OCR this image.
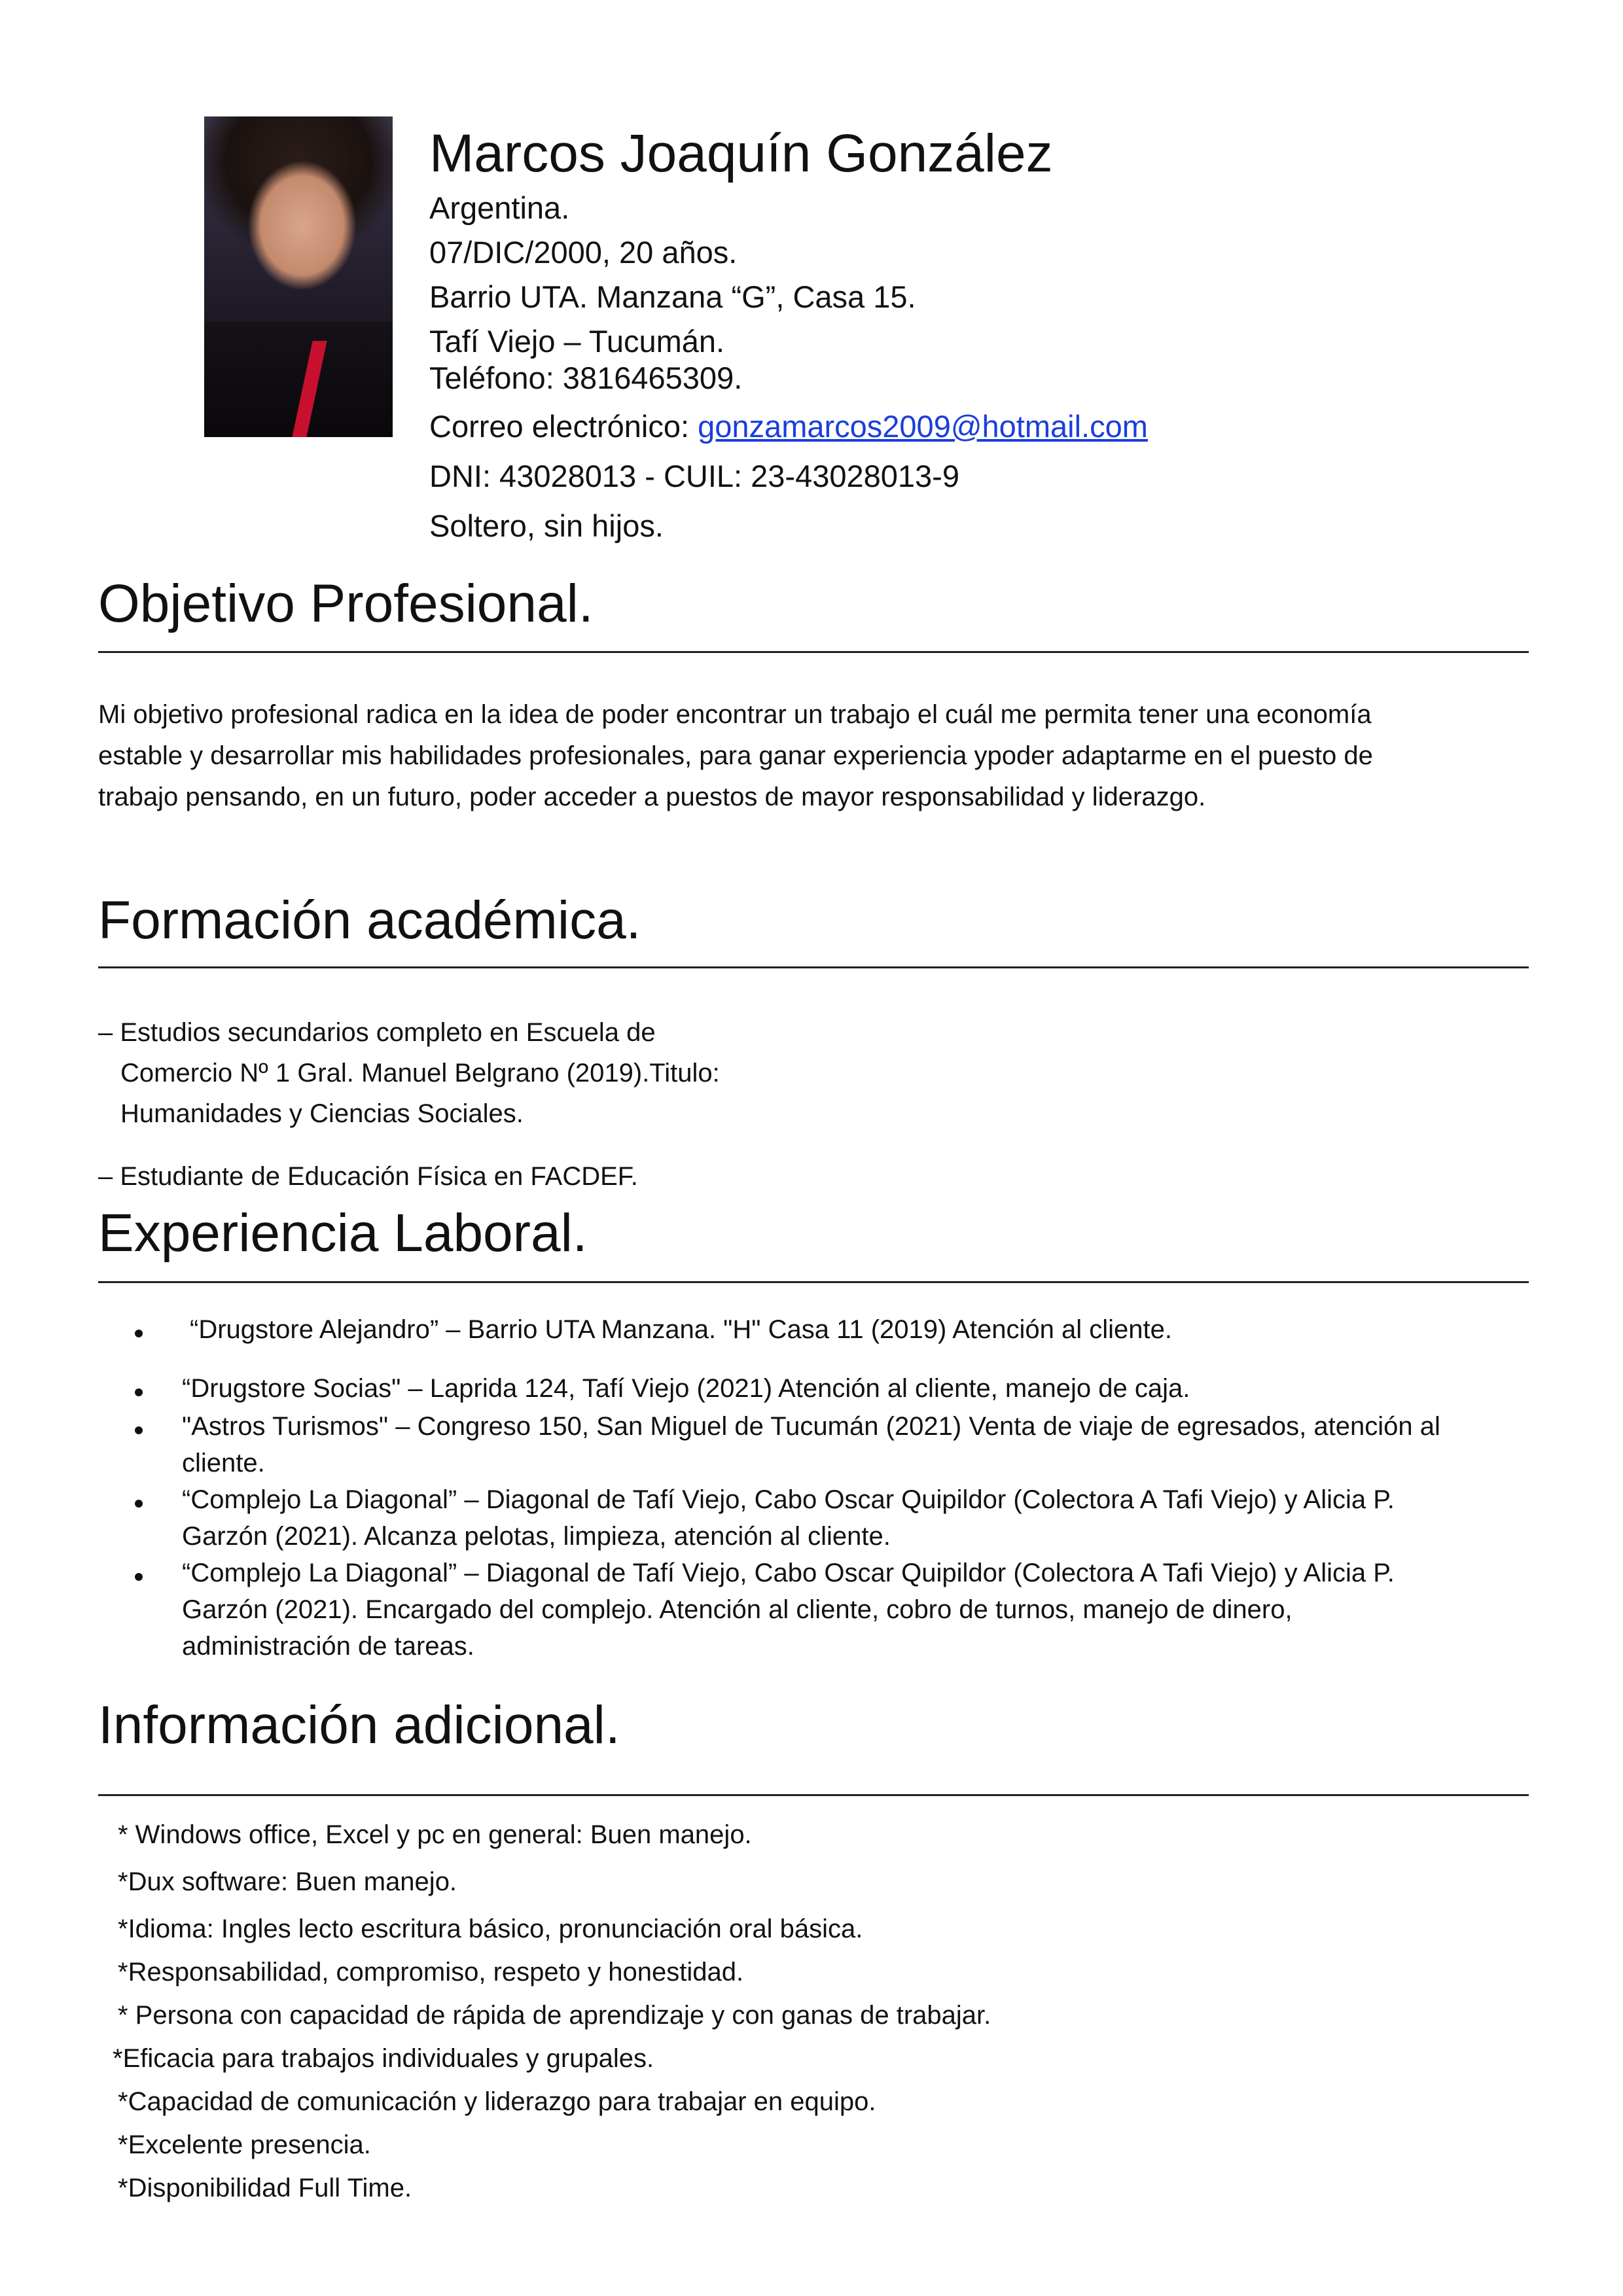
Marcos Joaquín González
Argentina.
07/DIC/2000, 20 años.
Barrio UTA. Manzana “G”, Casa 15.
Tafí Viejo – Tucumán.
Teléfono: 3816465309.
Correo electrónico: gonzamarcos2009@hotmail.com
DNI: 43028013 - CUIL: 23-43028013-9
Soltero, sin hijos.
Objetivo Profesional.
Mi objetivo profesional radica en la idea de poder encontrar un trabajo el cuál me permita tener una economía
estable y desarrollar mis habilidades profesionales, para ganar experiencia ypoder adaptarme en el puesto de
trabajo pensando, en un futuro, poder acceder a puestos de mayor responsabilidad y liderazgo.
Formación académica.
– Estudios secundarios completo en Escuela de
Comercio Nº 1 Gral. Manuel Belgrano (2019).Titulo:
Humanidades y Ciencias Sociales.
– Estudiante de Educación Física en FACDEF.
Experiencia Laboral.
“Drugstore Alejandro” – Barrio UTA Manzana. "H" Casa 11 (2019) Atención al cliente.
“Drugstore Socias" – Laprida 124, Tafí Viejo (2021) Atención al cliente, manejo de caja.
"Astros Turismos" – Congreso 150, San Miguel de Tucumán (2021) Venta de viaje de egresados, atención al
cliente.
“Complejo La Diagonal” – Diagonal de Tafí Viejo, Cabo Oscar Quipildor (Colectora A Tafi Viejo) y Alicia P.
Garzón (2021). Alcanza pelotas, limpieza, atención al cliente.
“Complejo La Diagonal” – Diagonal de Tafí Viejo, Cabo Oscar Quipildor (Colectora A Tafi Viejo) y Alicia P.
Garzón (2021). Encargado del complejo. Atención al cliente, cobro de turnos, manejo de dinero,
administración de tareas.
Información adicional.
* Windows office, Excel y pc en general: Buen manejo.
*Dux software: Buen manejo.
*Idioma: Ingles lecto escritura básico, pronunciación oral básica.
*Responsabilidad, compromiso, respeto y honestidad.
* Persona con capacidad de rápida de aprendizaje y con ganas de trabajar.
*Eficacia para trabajos individuales y grupales.
*Capacidad de comunicación y liderazgo para trabajar en equipo.
*Excelente presencia.
*Disponibilidad Full Time.
